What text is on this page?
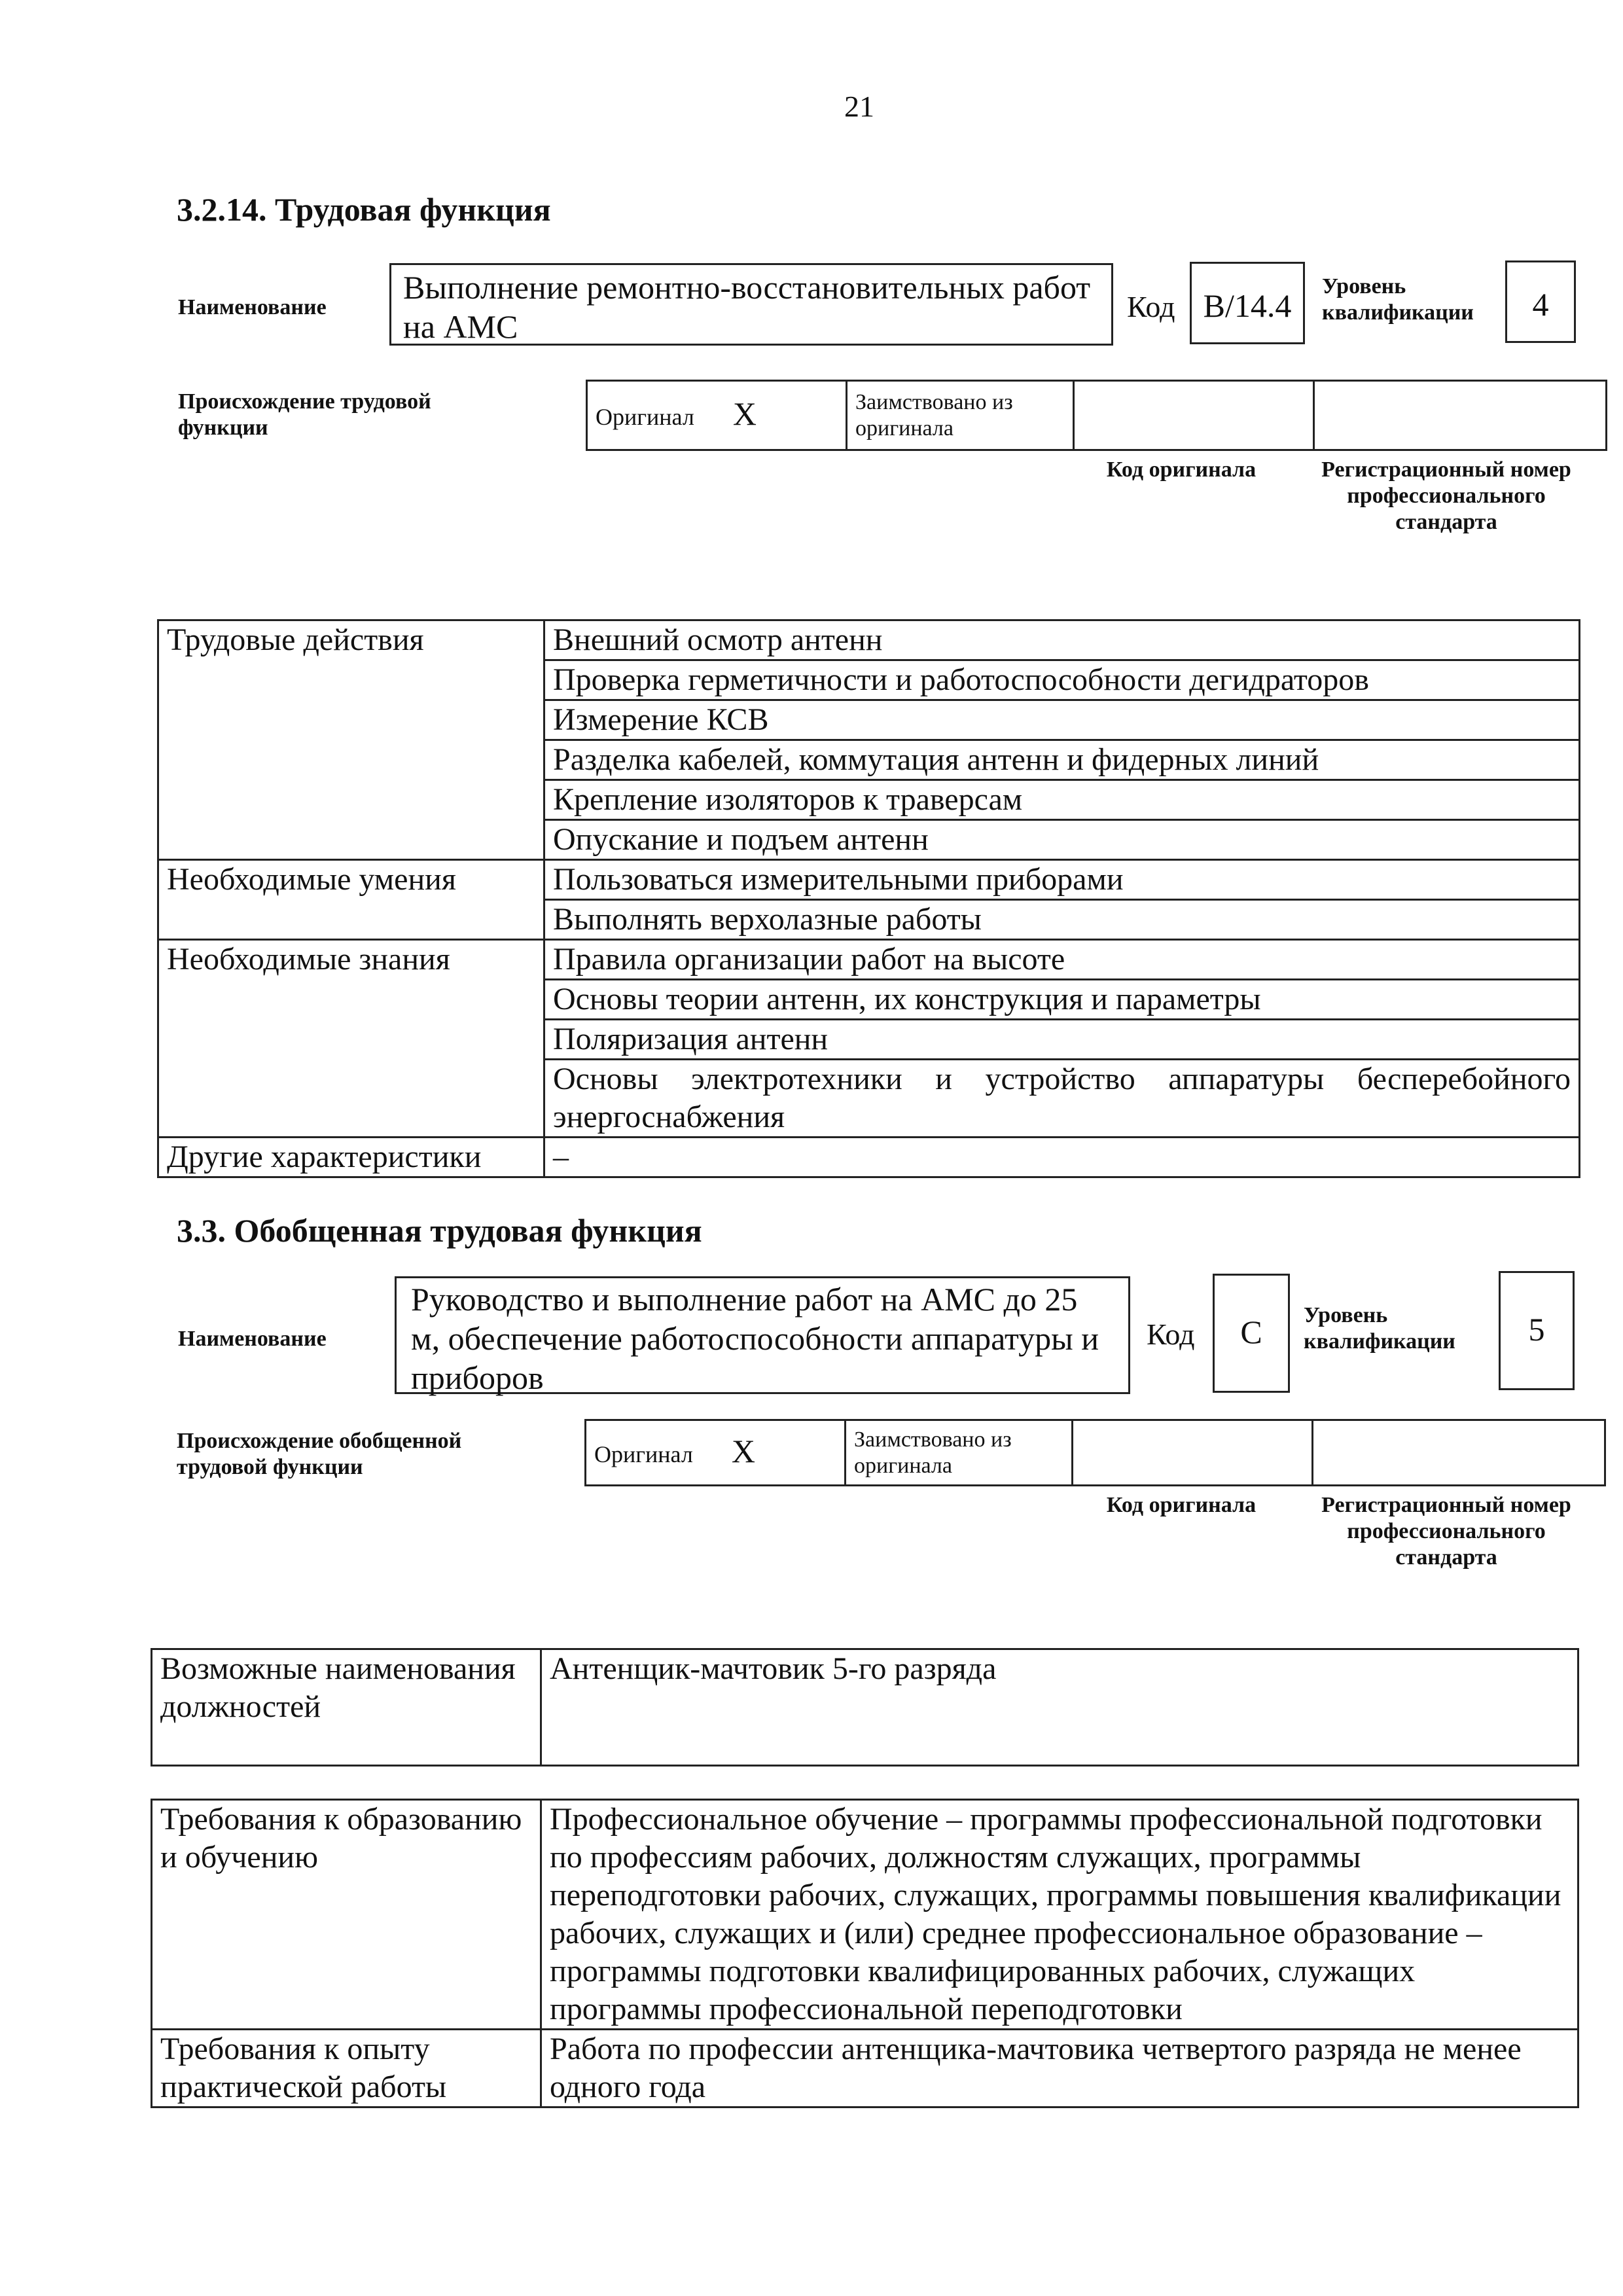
21
3.2.14. Трудовая функция
Наименование
Выполнение ремонтно-восстановительных работ на АМС
Код В/14.4
Уровень квалификации	4
Происхождение трудовой функции	Оригинал X	Заимствовано из оригинала		
Код оригинала	Регистрационный номер профессионального стандарта
Трудовые действия	Внешний осмотр антенн
	Проверка герметичности и работоспособности дегидраторов
	Измерение КСВ
	Разделка кабелей, коммутация антенн и фидерных линий
	Крепление изоляторов к траверсам
	Опускание и подъем антенн
Необходимые умения	Пользоваться измерительными приборами
	Выполнять верхолазные работы
Необходимые знания	Правила организации работ на высоте
	Основы теории антенн, их конструкция и параметры
	Поляризация антенн
	Основы электротехники и устройство аппаратуры бесперебойного энергоснабжения
Другие характеристики	–
3.3. Обобщенная трудовая функция
Наименование
Руководство и выполнение работ на АМС до 25 м, обеспечение работоспособности аппаратуры и приборов
Код	С	Уровень квалификации	5
Происхождение обобщенной трудовой функции	Оригинал X	Заимствовано из оригинала		
Код оригинала	Регистрационный номер профессионального стандарта
Возможные наименования должностей	Антенщик-мачтовик 5-го разряда
Требования к образованию и обучению	Профессиональное обучение – программы профессиональной подготовки по профессиям рабочих, должностям служащих, программы переподготовки рабочих, служащих, программы повышения квалификации рабочих, служащих и (или) среднее профессиональное образование – программы подготовки квалифицированных рабочих, служащих программы профессиональной переподготовки
Требования к опыту практической работы	Работа по профессии антенщика-мачтовика четвертого разряда не менее одного года
